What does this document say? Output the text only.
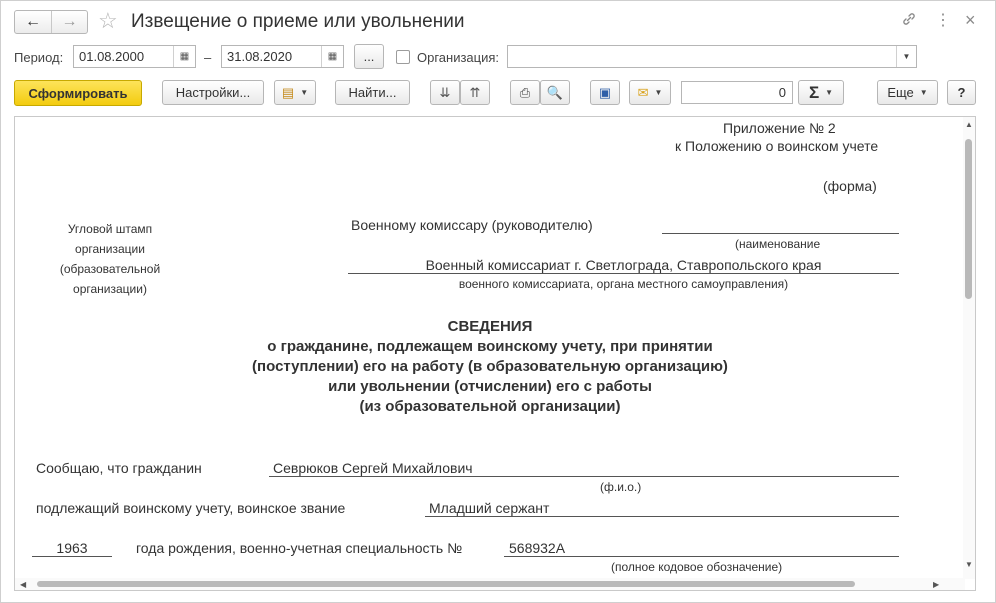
←	→ ☆ Извещение о приеме или увольнении	⋮ ×
Период:	01.08.2000	▦	–	31.08.2020	▦	...	Организация:	▼
Сформировать	Настройки...	▤ ▼	Найти...	⇊ ⇈	⎙ 🔍	▣ ✉ ▼	0	Σ ▼	Еще ▼	?
Приложение № 2
к Положению о воинском учете
(форма)
Угловой штамп
организации
(образовательной
организации)
Военному комиссару (руководителю)
(наименование
Военный комиссариат г. Светлограда, Ставропольского края
военного комиссариата, органа местного самоуправления)
СВЕДЕНИЯ
о гражданине, подлежащем воинскому учету, при принятии
(поступлении) его на работу (в образовательную организацию)
или увольнении (отчислении) его с работы
(из образовательной организации)
Сообщаю, что гражданин	Севрюков Сергей Михайлович
(ф.и.о.)
подлежащий воинскому учету, воинское звание	Младший сержант
1963	года рождения, военно-учетная специальность №	568932А
(полное кодовое обозначение)
▲
▼
◀	▶
